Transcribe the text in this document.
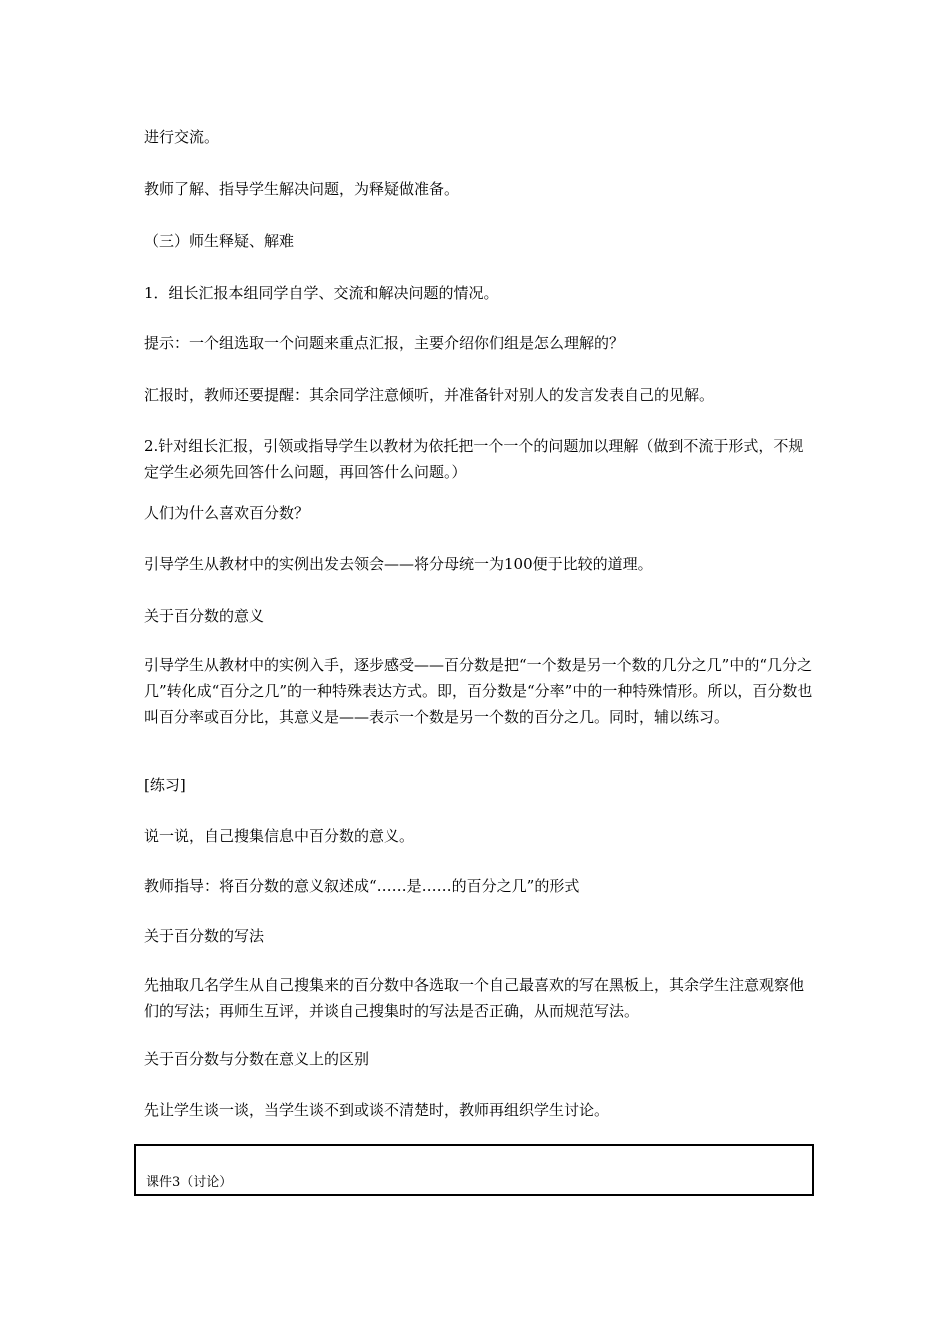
进行交流。

教师了解、指导学生解决问题，为释疑做准备。

（三）师生释疑、解难

1．组长汇报本组同学自学、交流和解决问题的情况。

提示：一个组选取一个问题来重点汇报，主要介绍你们组是怎么理解的？

汇报时，教师还要提醒：其余同学注意倾听，并准备针对别人的发言发表自己的见解。

2.针对组长汇报，引领或指导学生以教材为依托把一个一个的问题加以理解（做到不流于形式，不规定学生必须先回答什么问题，再回答什么问题。）

人们为什么喜欢百分数？

引导学生从教材中的实例出发去领会——将分母统一为100便于比较的道理。

关于百分数的意义

引导学生从教材中的实例入手，逐步感受——百分数是把“一个数是另一个数的几分之几”中的“几分之几”转化成“百分之几”的一种特殊表达方式。即，百分数是“分率”中的一种特殊情形。所以，百分数也叫百分率或百分比，其意义是——表示一个数是另一个数的百分之几。同时，辅以练习。

[练习]

说一说，自己搜集信息中百分数的意义。

教师指导：将百分数的意义叙述成“……是……的百分之几”的形式

关于百分数的写法

先抽取几名学生从自己搜集来的百分数中各选取一个自己最喜欢的写在黑板上，其余学生注意观察他们的写法；再师生互评，并谈自己搜集时的写法是否正确，从而规范写法。

关于百分数与分数在意义上的区别

先让学生谈一谈，当学生谈不到或谈不清楚时，教师再组织学生讨论。

课件3（讨论）
